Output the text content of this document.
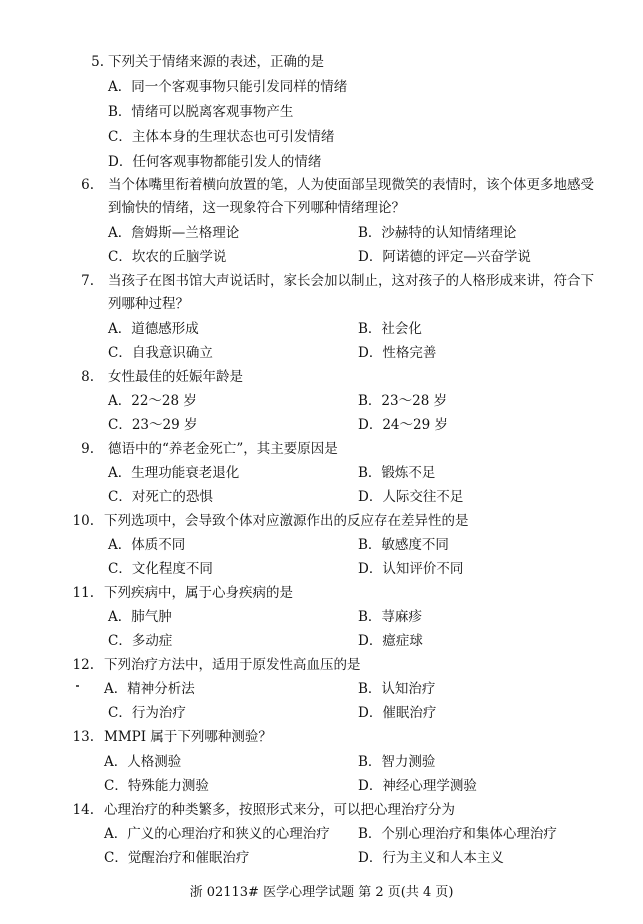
5. 下列关于情绪来源的表述，正确的是
A．同一个客观事物只能引发同样的情绪
B．情绪可以脱离客观事物产生
C．主体本身的生理状态也可引发情绪
D．任何客观事物都能引发人的情绪
6. 当个体嘴里衔着横向放置的笔，人为使面部呈现微笑的表情时，该个体更多地感受
到愉快的情绪，这一现象符合下列哪种情绪理论？
A．詹姆斯—兰格理论	B．沙赫特的认知情绪理论
C．坎农的丘脑学说	D．阿诺德的评定—兴奋学说
7. 当孩子在图书馆大声说话时，家长会加以制止，这对孩子的人格形成来讲，符合下
列哪种过程？
A．道德感形成	B．社会化
C．自我意识确立	D．性格完善
8. 女性最佳的妊娠年龄是
A．22～28 岁	B．23～28 岁
C．23～29 岁	D．24～29 岁
9. 德语中的“养老金死亡”，其主要原因是
A．生理功能衰老退化	B．锻炼不足
C．对死亡的恐惧	D．人际交往不足
10. 下列选项中，会导致个体对应激源作出的反应存在差异性的是
A．体质不同	B．敏感度不同
C．文化程度不同	D．认知评价不同
11. 下列疾病中，属于心身疾病的是
A．肺气肿	B．荨麻疹
C．多动症	D．癔症球
12. 下列治疗方法中，适用于原发性高血压的是
A．精神分析法	B．认知治疗
C．行为治疗	D．催眠治疗
13. MMPI 属于下列哪种测验？
A．人格测验	B．智力测验
C．特殊能力测验	D．神经心理学测验
14. 心理治疗的种类繁多，按照形式来分，可以把心理治疗分为
A．广义的心理治疗和狭义的心理治疗 B．个别心理治疗和集体心理治疗
C．觉醒治疗和催眠治疗	D．行为主义和人本主义
浙 02113# 医学心理学试题 第 2 页(共 4 页)
